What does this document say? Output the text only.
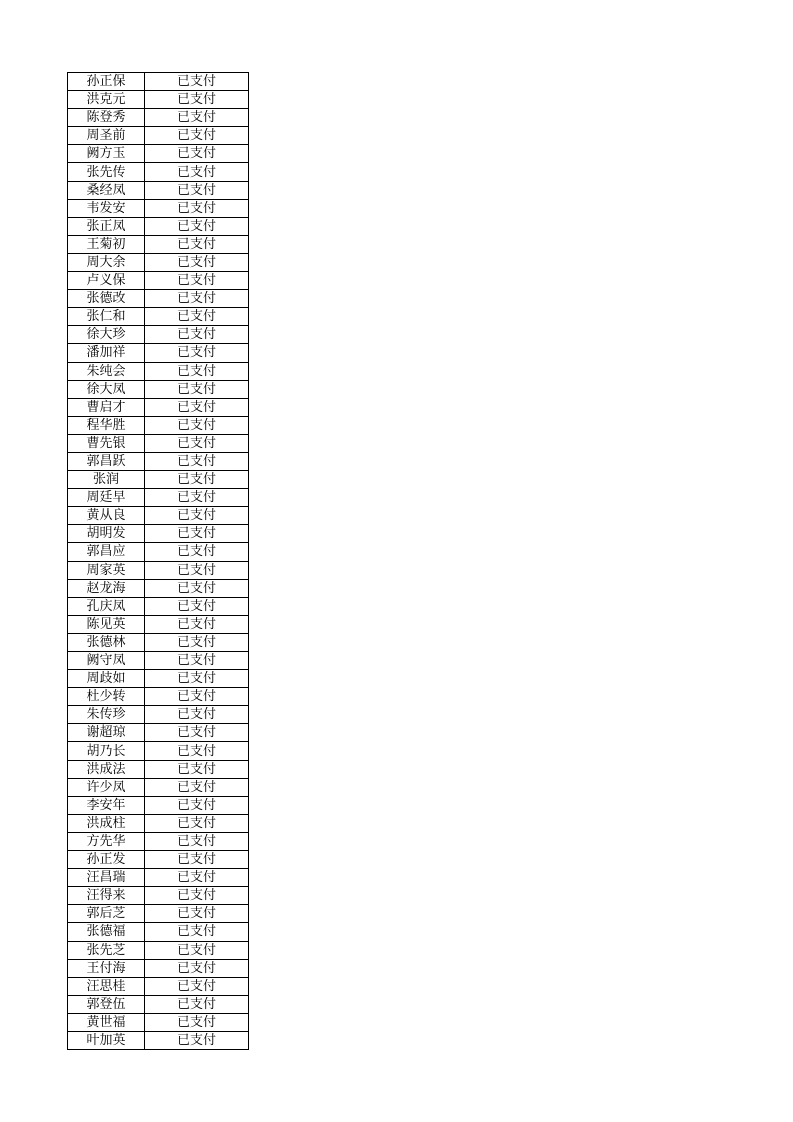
孙正保	已支付
洪克元	已支付
陈登秀	已支付
周圣前	已支付
阙方玉	已支付
张先传	已支付
桑经凤	已支付
韦发安	已支付
张正凤	已支付
王菊初	已支付
周大余	已支付
卢义保	已支付
张德改	已支付
张仁和	已支付
徐大珍	已支付
潘加祥	已支付
朱纯会	已支付
徐大凤	已支付
曹启才	已支付
程华胜	已支付
曹先银	已支付
郭昌跃	已支付
张润	已支付
周廷早	已支付
黄从良	已支付
胡明发	已支付
郭昌应	已支付
周家英	已支付
赵龙海	已支付
孔庆凤	已支付
陈见英	已支付
张德林	已支付
阙守凤	已支付
周歧如	已支付
杜少转	已支付
朱传珍	已支付
谢超琼	已支付
胡乃长	已支付
洪成法	已支付
许少凤	已支付
李安年	已支付
洪成柱	已支付
方先华	已支付
孙正发	已支付
汪昌瑞	已支付
汪得来	已支付
郭后芝	已支付
张德福	已支付
张先芝	已支付
王付海	已支付
汪思桂	已支付
郭登伍	已支付
黄世福	已支付
叶加英	已支付
